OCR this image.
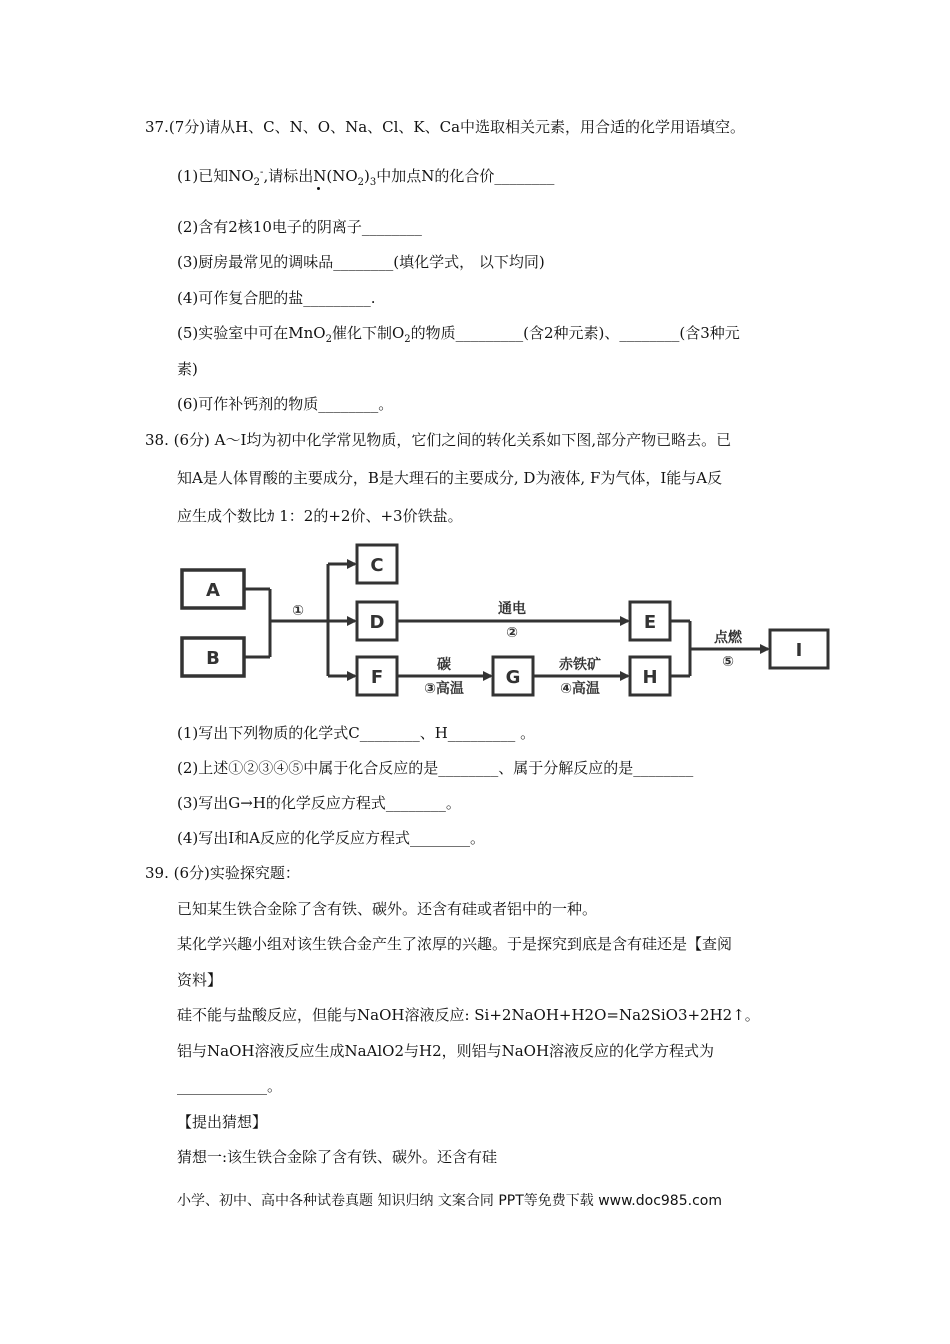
37.(7分)请从H、C、N、O、Na、Cl、K、Ca中选取相关元素，用合适的化学用语填空。
(1)已知$NO_2^-$,请标出$N(NO_2)_3$中加点N的化合价________
(2)含有2核10电子的阴离子________
(3)厨房最常见的调味品________(填化学式， 以下均同)
(4)可作复合肥的盐_________.
(5)实验室中可在MnO$_2$催化下制$O_2$的物质_________(含2种元素)、________(含3种元
素)
(6)可作补钙剂的物质________。
38. (6分) A～I均为初中化学常见物质，它们之间的转化关系如下图,部分产物已略去。已
知A是人体胃酸的主要成分，B是大理石的主要成分, D为液体, F为气体，I能与A反
应生成个数比ｶ 1：2的+2价、+3价铁盐。
A
B
C
D	E
F	G	H
I
①	通电
②
碳
③高温
赤铁矿
④高温
点燃
⑤
(1)写出下列物质的化学式C________、H_________ 。
(2)上述①②③④⑤中属于化合反应的是________、属于分解反应的是________
(3)写出G→H的化学反应方程式________。
(4)写出I和A反应的化学反应方程式________。
39. (6分)实验探究题：
已知某生铁合金除了含有铁、碳外。还含有硅或者铝中的一种。
某化学兴趣小组对该生铁合金产生了浓厚的兴趣。于是探究到底是含有硅还是【查阅
资料】
硅不能与盐酸反应，但能与NaOH溶液反应: Si+2NaOH+H2O=Na2SiO3+2H2↑。
铝与NaOH溶液反应生成NaAlO2与H2，则铝与NaOH溶液反应的化学方程式为
____________。
【提出猜想】
猜想一:该生铁合金除了含有铁、碳外。还含有硅
小学、初中、高中各种试卷真题 知识归纳 文案合同 PPT等免费下载 www.doc985.com
